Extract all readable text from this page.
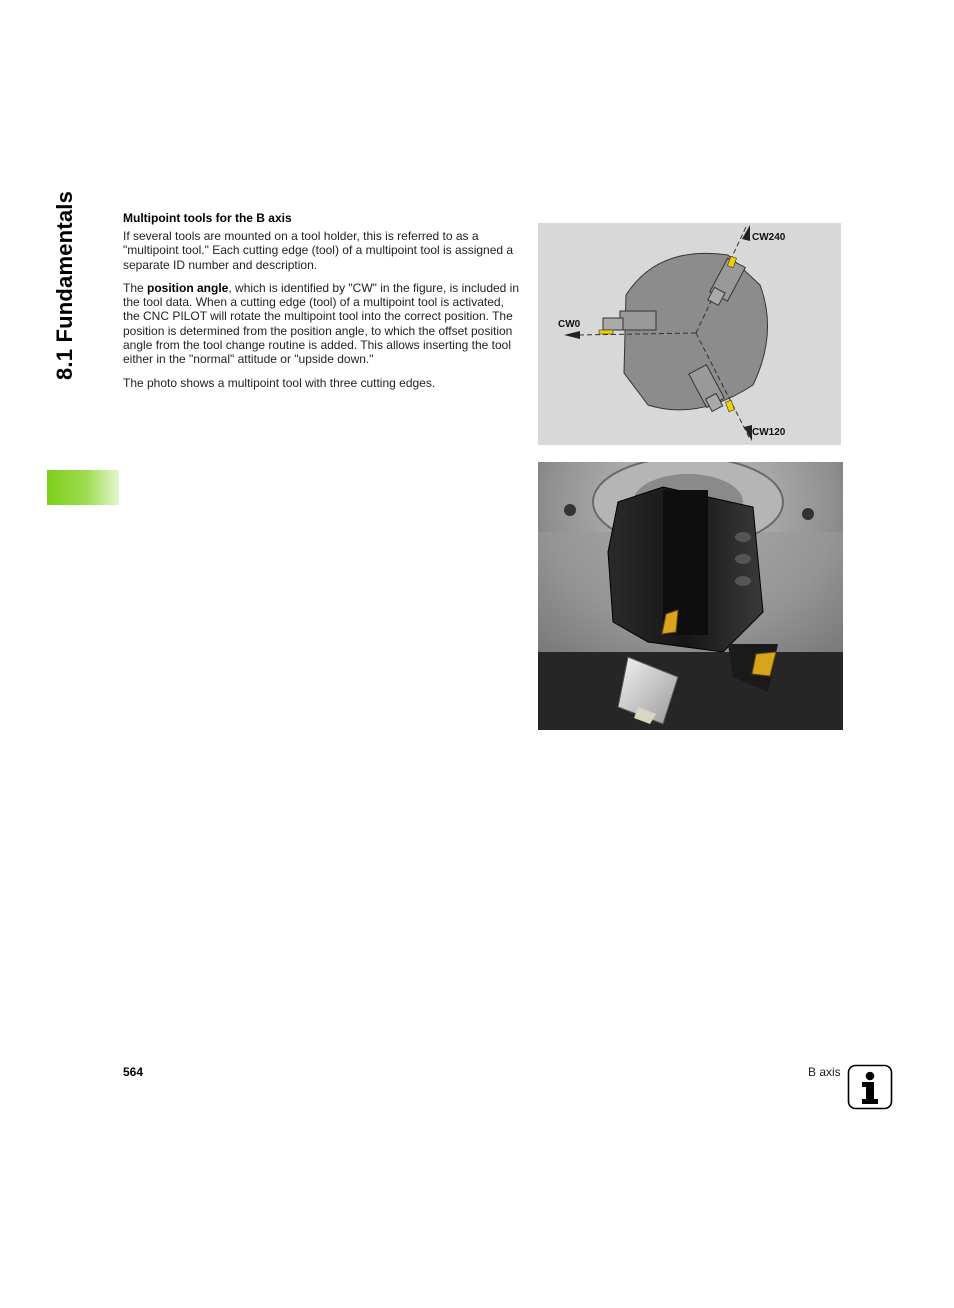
8.1 Fundamentals	Multipoint tools for the B axis

If several tools are mounted on a tool holder, this is referred to as a "multipoint tool." Each cutting edge (tool) of a multipoint tool is assigned a separate ID number and description.

The position angle, which is identified by "CW" in the figure, is included in the tool data. When a cutting edge (tool) of a multipoint tool is activated, the CNC PILOT will rotate the multipoint tool into the correct position. The position is determined from the position angle, to which the offset position angle from the tool change routine is added. This allows inserting the tool either in the "normal" attitude or "upside down."

The photo shows a multipoint tool with three cutting edges.

CW0
CW240
CW120
564	B axis
